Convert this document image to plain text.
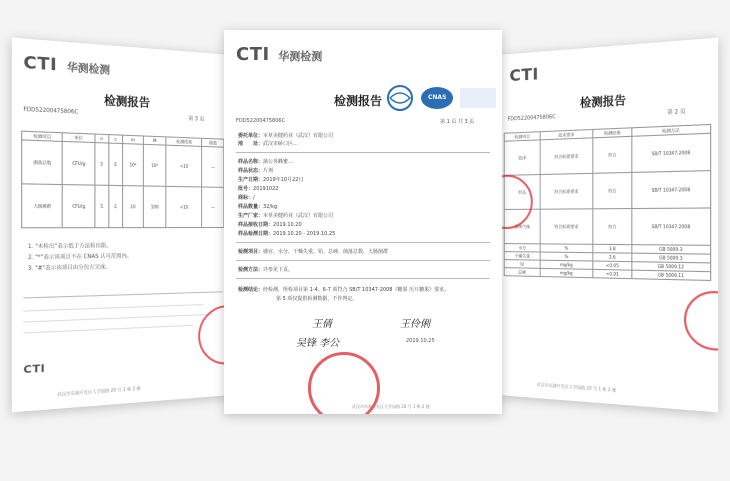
CTI 华测检测
检测报告
FDD52200475806C
第 3 页
检测项目	单位	n	c	m	M	检测结果	限值
菌落总数	CFU/g	5	2	10⁴	10⁵	<10	—
大肠菌群	CFU/g	5	2	10	100	<10	—
1. "未检出"表示低于方法检出限。
2. "*"表示该项目不在 CNAS 认可范围内。
3. "#"表示该项目由分包方完成。
CTI
武汉市东湖开发区大学园路 20 号 1 栋 2 楼
CTI
检测报告
FDD52200475806C
第 2 页
检测项目	技术要求	检测结果	检测方法
色泽	符合标准要求	符合	SB/T 10347-2008
形态	符合标准要求	符合	SB/T 10347-2008
滋味气味	符合标准要求	符合	SB/T 10347-2008
水分	%	3.8	GB 5009.3
干燥失重	%	2.6	GB 5009.3
铅	mg/kg	<0.05	GB 5009.12
总砷	mg/kg	<0.01	GB 5009.11
武汉市东湖开发区大学园路 20 号 1 栋 2 楼
CTI 华测检测
检测报告	CNAS
FDD52200475806C	第 1 页 共 3 页
委托单位：本草美健药业（武汉）有限公司
地　　址：武汉市硚口区…
样品名称：蒲公英蜂蜜…
样品状态：片剂
生产日期：2019年10月22日
批号：20191022
商标：/
样品数量：32/kg
生产厂家：本草美健药业（武汉）有限公司
样品接收日期：2019.10.20
样品检测日期：2019.10.20 - 2019.10.25
检测项目：感官、水分、干燥失重、铅、总砷、菌落总数、大肠菌群
检测方法：详参见下页。
检测结论：经检测，所检项目第 1-4、6-7 项符合 SB/T 10347-2008《糖果 压片糖果》要求。
第 5 项仅提供检测数据，不作判定。
王倩	王伶俐
吴锋 李公	2019.10.25
武汉市东湖开发区大学园路 20 号 1 栋 2 楼
